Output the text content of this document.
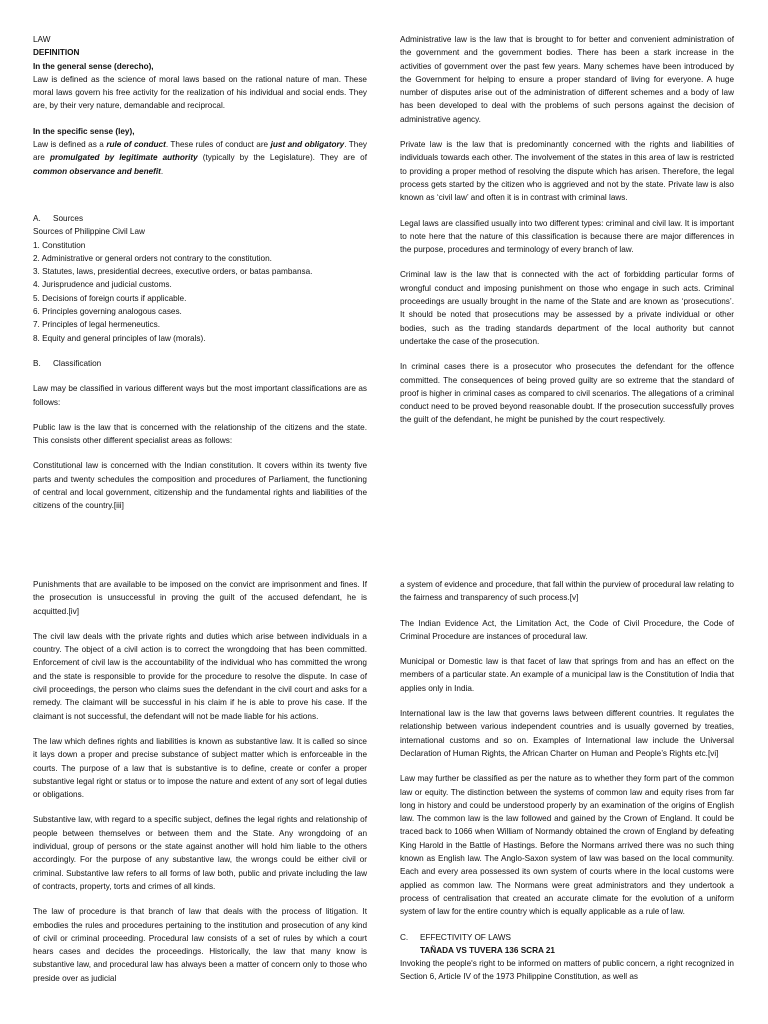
LAW
DEFINITION
In the general sense (derecho),

Law is defined as the science of moral laws based on the rational nature of man. These moral laws govern his free activity for the realization of his individual and social ends. They are, by their very nature, demandable and reciprocal.

In the specific sense (ley),

Law is defined as a rule of conduct. These rules of conduct are just and obligatory. They are promulgated by legitimate authority (typically by the Legislature). They are of common observance and benefit.

A. Sources
Sources of Philippine Civil Law
1. Constitution
2. Administrative or general orders not contrary to the constitution.
3. Statutes, laws, presidential decrees, executive orders, or batas pambansa.
4. Jurisprudence and judicial customs.
5. Decisions of foreign courts if applicable.
6. Principles governing analogous cases.
7. Principles of legal hermeneutics.
8. Equity and general principles of law (morals).
B. Classification

Law may be classified in various different ways but the most important classifications are as follows:

Public law is the law that is concerned with the relationship of the citizens and the state. This consists other different specialist areas as follows:

Constitutional law is concerned with the Indian constitution. It covers within its twenty five parts and twenty schedules the composition and procedures of Parliament, the functioning of central and local government, citizenship and the fundamental rights and liabilities of the citizens of the country.[iii]

Administrative law is the law that is brought to for better and convenient administration of the government and the government bodies. There has been a stark increase in the activities of government over the past few years. Many schemes have been introduced by the Government for helping to ensure a proper standard of living for everyone. A huge number of disputes arise out of the administration of different schemes and a body of law has been developed to deal with the problems of such persons against the decision of administrative agency.

Private law is the law that is predominantly concerned with the rights and liabilities of individuals towards each other. The involvement of the states in this area of law is restricted to providing a proper method of resolving the dispute which has arisen. Therefore, the legal process gets started by the citizen who is aggrieved and not by the state. Private law is also known as ‘civil law’ and often it is in contrast with criminal laws.

Legal laws are classified usually into two different types: criminal and civil law. It is important to note here that the nature of this classification is because there are major differences in the purpose, procedures and terminology of every branch of law.

Criminal law is the law that is connected with the act of forbidding particular forms of wrongful conduct and imposing punishment on those who engage in such acts. Criminal proceedings are usually brought in the name of the State and are known as ‘prosecutions’. It should be noted that prosecutions may be assessed by a private individual or other bodies, such as the trading standards department of the local authority but cannot undertake the case of the prosecution.

In criminal cases there is a prosecutor who prosecutes the defendant for the offence committed. The consequences of being proved guilty are so extreme that the standard of proof is higher in criminal cases as compared to civil scenarios. The allegations of a criminal conduct need to be proved beyond reasonable doubt. If the prosecution successfully proves the guilt of the defendant, he might be punished by the court respectively.

Punishments that are available to be imposed on the convict are imprisonment and fines. If the prosecution is unsuccessful in proving the guilt of the accused defendant, he is acquitted.[iv]

The civil law deals with the private rights and duties which arise between individuals in a country. The object of a civil action is to correct the wrongdoing that has been committed. Enforcement of civil law is the accountability of the individual who has committed the wrong and the state is responsible to provide for the procedure to resolve the dispute. In case of civil proceedings, the person who claims sues the defendant in the civil court and asks for a remedy. The claimant will be successful in his claim if he is able to prove his case. If the claimant is not successful, the defendant will not be made liable for his actions.

The law which defines rights and liabilities is known as substantive law. It is called so since it lays down a proper and precise substance of subject matter which is enforceable in the courts. The purpose of a law that is substantive is to define, create or confer a proper substantive legal right or status or to impose the nature and extent of any sort of legal duties or obligations.

Substantive law, with regard to a specific subject, defines the legal rights and relationship of people between themselves or between them and the State. Any wrongdoing of an individual, group of persons or the state against another will hold him liable to the others accordingly. For the purpose of any substantive law, the wrongs could be either civil or criminal. Substantive law refers to all forms of law both, public and private including the law of contracts, property, torts and crimes of all kinds.

The law of procedure is that branch of law that deals with the process of litigation. It embodies the rules and procedures pertaining to the institution and prosecution of any kind of civil or criminal proceeding. Procedural law consists of a set of rules by which a court hears cases and decides the proceedings. Historically, the law that many know is substantive law, and procedural law has always been a matter of concern only to those who preside over as judicial

a system of evidence and procedure, that fall within the purview of procedural law relating to the fairness and transparency of such process.[v]

The Indian Evidence Act, the Limitation Act, the Code of Civil Procedure, the Code of Criminal Procedure are instances of procedural law.

Municipal or Domestic law is that facet of law that springs from and has an effect on the members of a particular state. An example of a municipal law is the Constitution of India that applies only in India.

International law is the law that governs laws between different countries. It regulates the relationship between various independent countries and is usually governed by treaties, international customs and so on. Examples of International law include the Universal Declaration of Human Rights, the African Charter on Human and People’s Rights etc.[vi]

Law may further be classified as per the nature as to whether they form part of the common law or equity. The distinction between the systems of common law and equity rises from far long in history and could be understood properly by an examination of the origins of English law. The common law is the law followed and gained by the Crown of England. It could be traced back to 1066 when William of Normandy obtained the crown of England by defeating King Harold in the Battle of Hastings. Before the Normans arrived there was no such thing known as English law. The Anglo-Saxon system of law was based on the local community. Each and every area possessed its own system of courts where in the local customs were applied as common law. The Normans were great administrators and they undertook a process of centralisation that created an accurate climate for the evolution of a uniform system of law for the entire country which is equally applicable as a rule of law.

C. EFFECTIVITY OF LAWS
TAÑADA VS TUVERA 136 SCRA 21

Invoking the people's right to be informed on matters of public concern, a right recognized in Section 6, Article IV of the 1973 Philippine Constitution, as well as
